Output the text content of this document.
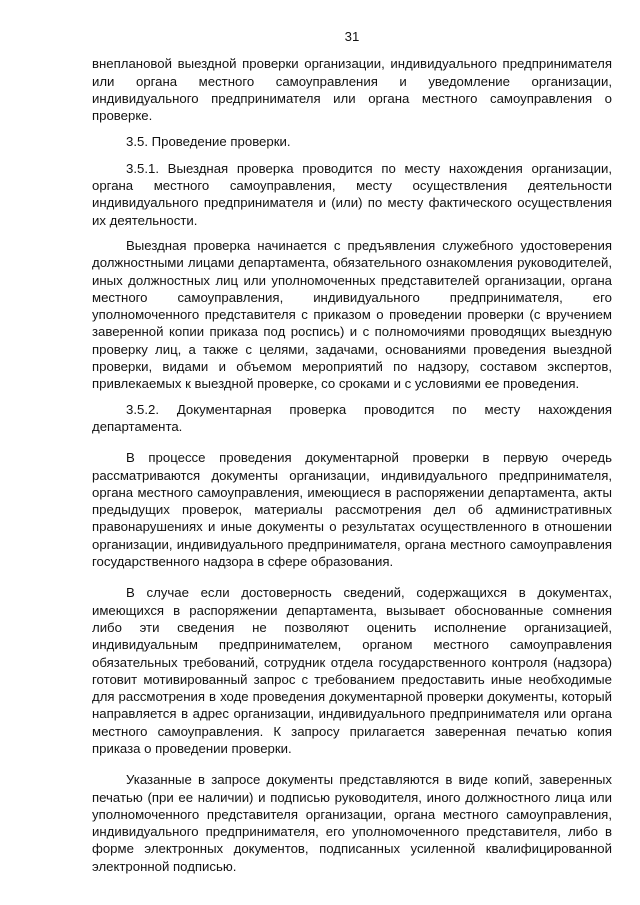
31

внеплановой выездной проверки организации, индивидуального предпринимателя или органа местного самоуправления и уведомление организации, индивидуального предпринимателя или органа местного самоуправления о проверке.

3.5. Проведение проверки.

3.5.1. Выездная проверка проводится по месту нахождения организации, органа местного самоуправления, месту осуществления деятельности индивидуального предпринимателя и (или) по месту фактического осуществления их деятельности.

Выездная проверка начинается с предъявления служебного удостоверения должностными лицами департамента, обязательного ознакомления руководителей, иных должностных лиц или уполномоченных представителей организации, органа местного самоуправления, индивидуального предпринимателя, его уполномоченного представителя с приказом о проведении проверки (с вручением заверенной копии приказа под роспись) и с полномочиями проводящих выездную проверку лиц, а также с целями, задачами, основаниями проведения выездной проверки, видами и объемом мероприятий по надзору, составом экспертов, привлекаемых к выездной проверке, со сроками и с условиями ее проведения.

3.5.2. Документарная проверка проводится по месту нахождения департамента.

В процессе проведения документарной проверки в первую очередь рассматриваются документы организации, индивидуального предпринимателя, органа местного самоуправления, имеющиеся в распоряжении департамента, акты предыдущих проверок, материалы рассмотрения дел об административных правонарушениях и иные документы о результатах осуществленного в отношении организации, индивидуального предпринимателя, органа местного самоуправления государственного надзора в сфере образования.

В случае если достоверность сведений, содержащихся в документах, имеющихся в распоряжении департамента, вызывает обоснованные сомнения либо эти сведения не позволяют оценить исполнение организацией, индивидуальным предпринимателем, органом местного самоуправления обязательных требований, сотрудник отдела государственного контроля (надзора) готовит мотивированный запрос с требованием предоставить иные необходимые для рассмотрения в ходе проведения документарной проверки документы, который направляется в адрес организации, индивидуального предпринимателя или органа местного самоуправления. К запросу прилагается заверенная печатью копия приказа о проведении проверки.

Указанные в запросе документы представляются в виде копий, заверенных печатью (при ее наличии) и подписью руководителя, иного должностного лица или уполномоченного представителя организации, органа местного самоуправления, индивидуального предпринимателя, его уполномоченного представителя, либо в форме электронных документов, подписанных усиленной квалифицированной электронной подписью.
